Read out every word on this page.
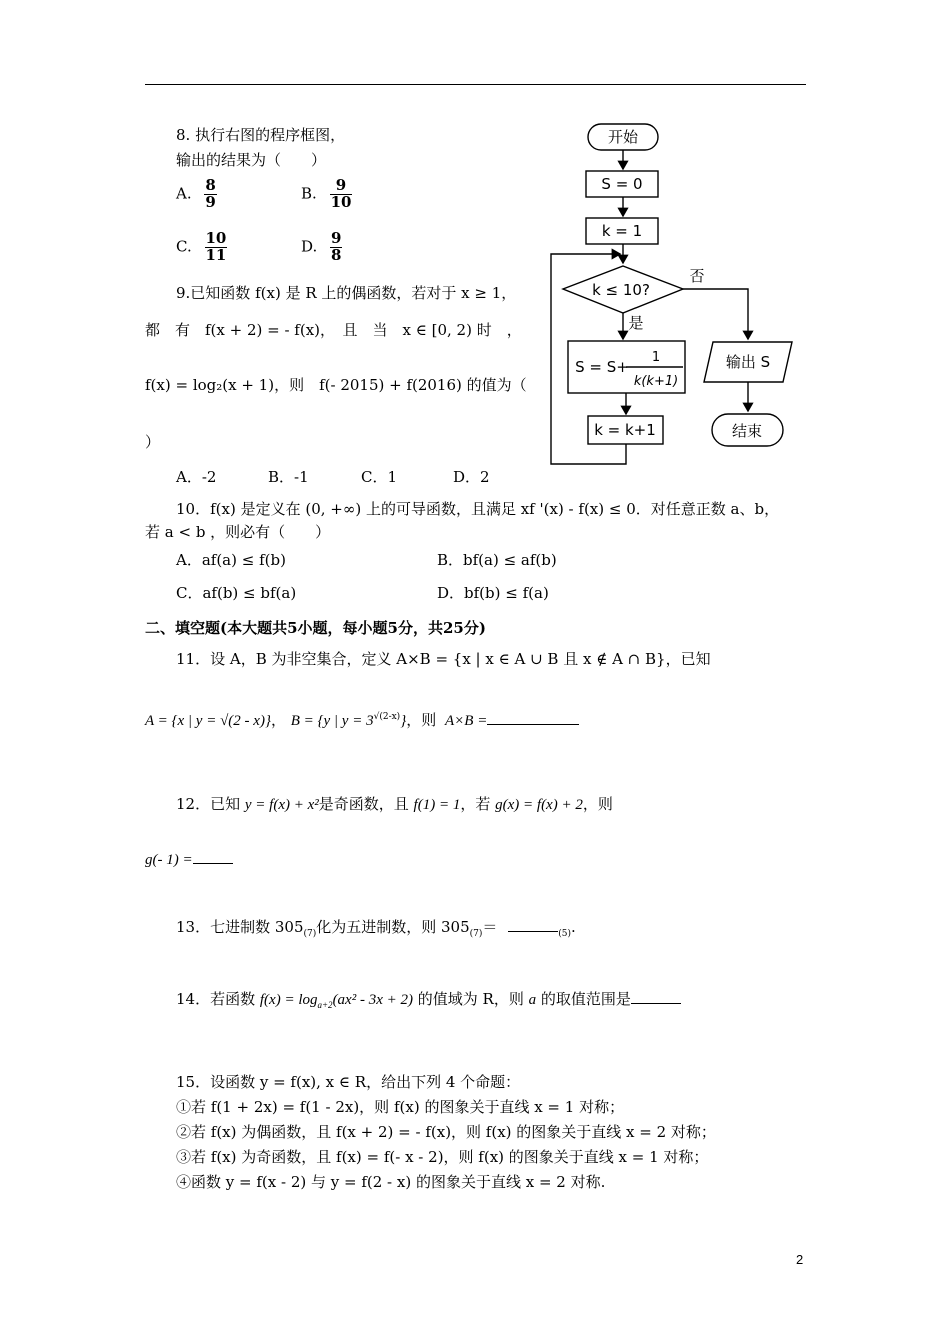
8. 执行右图的程序框图，
输出的结果为（　　）
A. $\frac{8}{9}$	B. $\frac{9}{10}$
C. $\frac{10}{11}$	D. $\frac{9}{8}$
开始
S = 0
k = 1
k ≤ 10?
否
是
S = S+
1
k(k+1)
k = k+1
输出 S
结束
9.已知函数 f(x) 是 R 上的偶函数，若对于 x ≥ 1，
都　有　f(x + 2) = - f(x)，　且　当　x ∈ [0, 2) 时　，
f(x) = log₂(x + 1)，则　f(- 2015) + f(2016) 的值为（
）
A．-2	B．-1	C．1	D．2
10．f(x) 是定义在 (0, +∞) 上的可导函数，且满足 xf '(x) - f(x) ≤ 0．对任意正数 a、b，
若 a < b ，则必有（　　）
A．af(a) ≤ f(b)	B．bf(a) ≤ af(b)
C．af(b) ≤ bf(a)	D．bf(b) ≤ f(a)
二、填空题(本大题共5小题，每小题5分，共25分)
11．设 A，B 为非空集合，定义 A×B = {x | x ∈ A ∪ B 且 x ∉ A ∩ B}，已知
A = {x | y = √(2 - x)}， B = {y | $y = 3^{√(2-x)}$}，则 A×B =
12．已知 y = f(x) + x²是奇函数，且 f(1) = 1，若 g(x) = f(x) + 2，则
g(- 1) =
13．七进制数 $305_{(7)}$化为五进制数，则 $305_{(7)}=$	$_{(5)}$.
14．若函数 $f(x) = \log_{a+2}(ax^2 - 3x + 2)$ 的值域为 R，则 a 的取值范围是
15．设函数 y = f(x), x ∈ R，给出下列 4 个命题：
①若 f(1 + 2x) = f(1 - 2x)，则 f(x) 的图象关于直线 x = 1 对称；
②若 f(x) 为偶函数，且 f(x + 2) = - f(x)，则 f(x) 的图象关于直线 x = 2 对称；
③若 f(x) 为奇函数，且 f(x) = f(- x - 2)，则 f(x) 的图象关于直线 x = 1 对称；
④函数 y = f(x - 2) 与 y = f(2 - x) 的图象关于直线 x = 2 对称.
2
